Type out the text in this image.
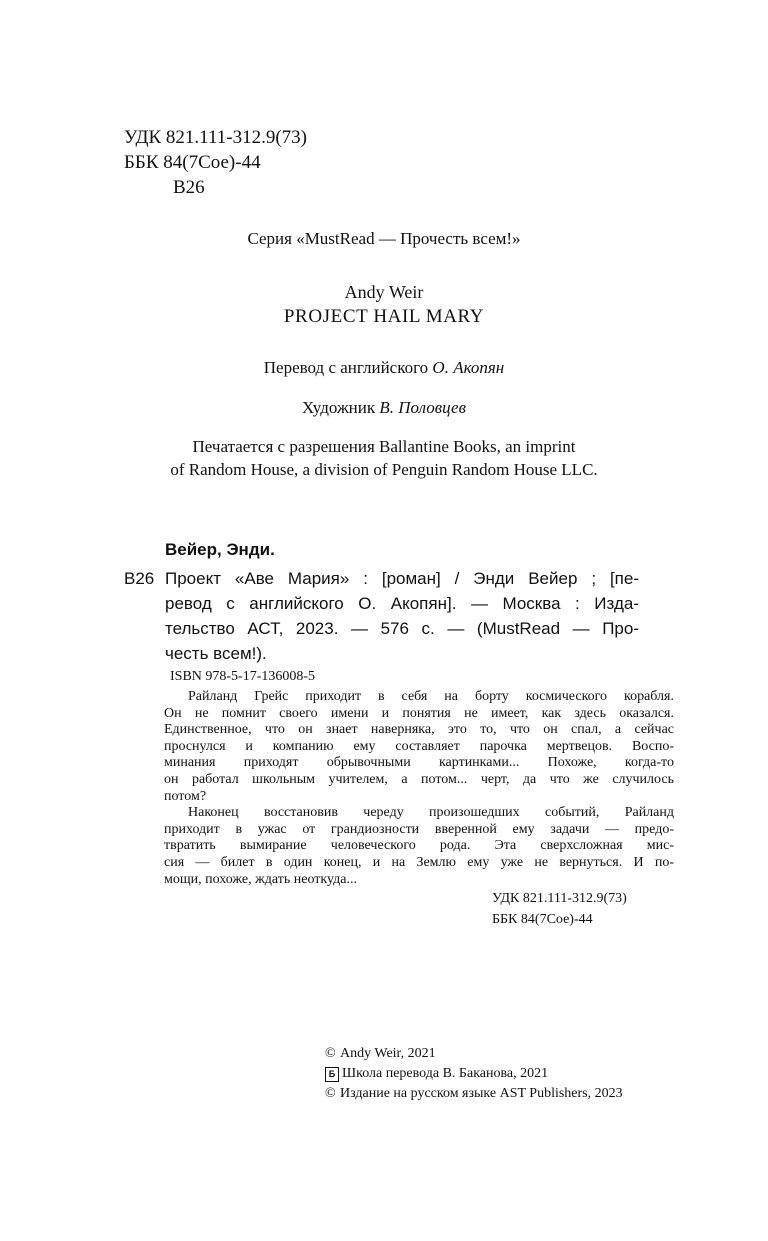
УДК 821.111-312.9(73)
ББК 84(7Сое)-44
В26
Серия «MustRead — Прочесть всем!»
Andy Weir
PROJECT HAIL MARY
Перевод с английского О. Акопян
Художник В. Половцев
Печатается с разрешения Ballantine Books, an imprint
of Random House, a division of Penguin Random House LLC.
Вейер, Энди.
В26 Проект «Аве Мария» : [роман] / Энди Вейер ; [пе-
ревод с английского О. Акопян]. — Москва : Изда-
тельство АСТ, 2023. — 576 с. — (MustRead — Про-
честь всем!).
ISBN 978-5-17-136008-5
Райланд Грейс приходит в себя на борту космического корабля.
Он не помнит своего имени и понятия не имеет, как здесь оказался.
Единственное, что он знает наверняка, это то, что он спал, а сейчас
проснулся и компанию ему составляет парочка мертвецов. Воспо-
минания приходят обрывочными картинками... Похоже, когда-то
он работал школьным учителем, а потом... черт, да что же случилось
потом?
Наконец восстановив череду произошедших событий, Райланд
приходит в ужас от грандиозности вверенной ему задачи — предо-
твратить вымирание человеческого рода. Эта сверхсложная мис-
сия — билет в один конец, и на Землю ему уже не вернуться. И по-
мощи, похоже, ждать неоткуда...
УДК 821.111-312.9(73)
ББК 84(7Сое)-44
© Andy Weir, 2021
Б Школа перевода В. Баканова, 2021
© Издание на русском языке AST Publishers, 2023
